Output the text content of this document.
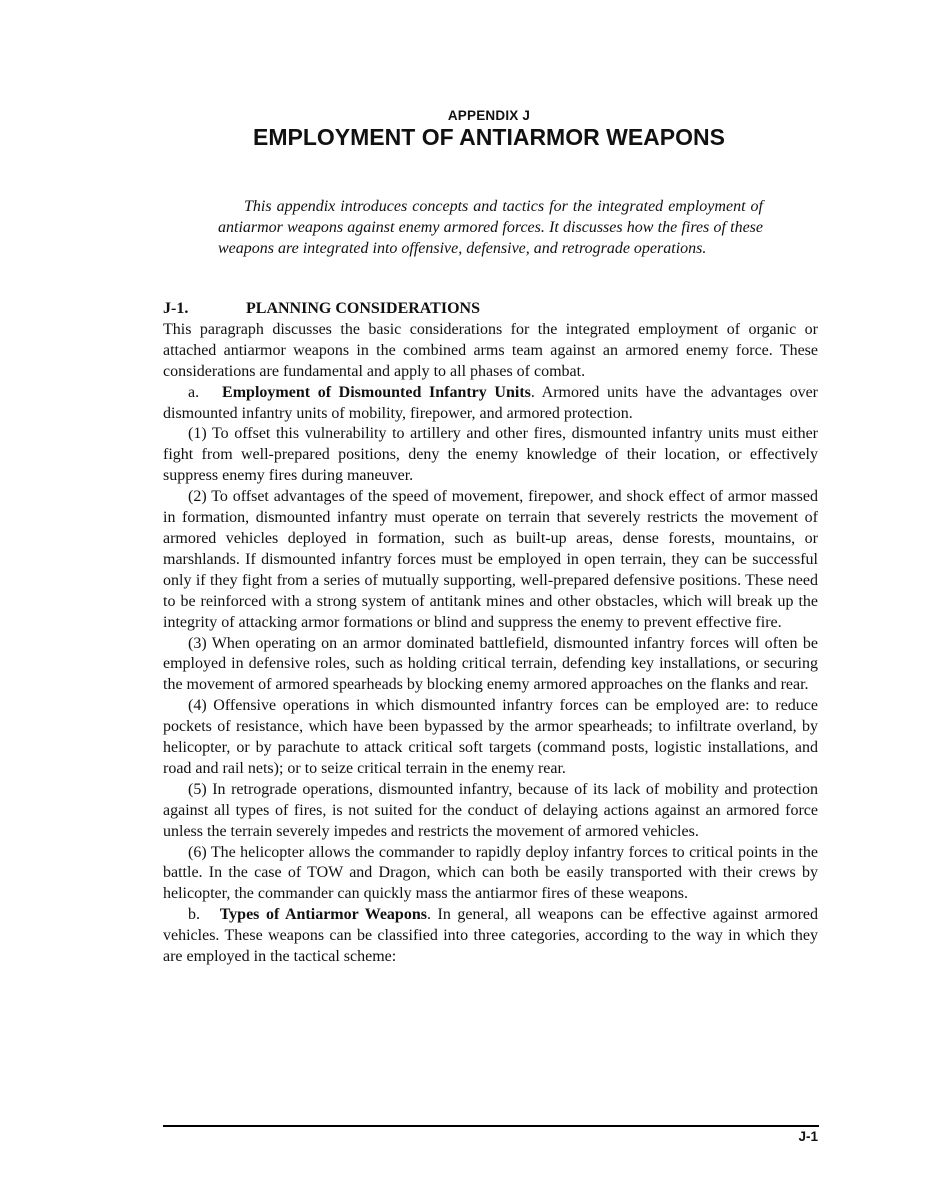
APPENDIX J
EMPLOYMENT OF ANTIARMOR WEAPONS

This appendix introduces concepts and tactics for the integrated employment of antiarmor weapons against enemy armored forces. It discusses how the fires of these weapons are integrated into offensive, defensive, and retrograde operations.

J-1.	PLANNING CONSIDERATIONS

This paragraph discusses the basic considerations for the integrated employment of organic or attached antiarmor weapons in the combined arms team against an armored enemy force. These considerations are fundamental and apply to all phases of combat.

a. Employment of Dismounted Infantry Units. Armored units have the advantages over dismounted infantry units of mobility, firepower, and armored protection.

(1) To offset this vulnerability to artillery and other fires, dismounted infantry units must either fight from well-prepared positions, deny the enemy knowledge of their location, or effectively suppress enemy fires during maneuver.

(2) To offset advantages of the speed of movement, firepower, and shock effect of armor massed in formation, dismounted infantry must operate on terrain that severely restricts the movement of armored vehicles deployed in formation, such as built-up areas, dense forests, mountains, or marshlands. If dismounted infantry forces must be employed in open terrain, they can be successful only if they fight from a series of mutually supporting, well-prepared defensive positions. These need to be reinforced with a strong system of antitank mines and other obstacles, which will break up the integrity of attacking armor formations or blind and suppress the enemy to prevent effective fire.

(3) When operating on an armor dominated battlefield, dismounted infantry forces will often be employed in defensive roles, such as holding critical terrain, defending key installations, or securing the movement of armored spearheads by blocking enemy armored approaches on the flanks and rear.

(4) Offensive operations in which dismounted infantry forces can be employed are: to reduce pockets of resistance, which have been bypassed by the armor spearheads; to infiltrate overland, by helicopter, or by parachute to attack critical soft targets (command posts, logistic installations, and road and rail nets); or to seize critical terrain in the enemy rear.

(5) In retrograde operations, dismounted infantry, because of its lack of mobility and protection against all types of fires, is not suited for the conduct of delaying actions against an armored force unless the terrain severely impedes and restricts the movement of armored vehicles.

(6) The helicopter allows the commander to rapidly deploy infantry forces to critical points in the battle. In the case of TOW and Dragon, which can both be easily transported with their crews by helicopter, the commander can quickly mass the antiarmor fires of these weapons.

b. Types of Antiarmor Weapons. In general, all weapons can be effective against armored vehicles. These weapons can be classified into three categories, according to the way in which they are employed in the tactical scheme:

J-1
